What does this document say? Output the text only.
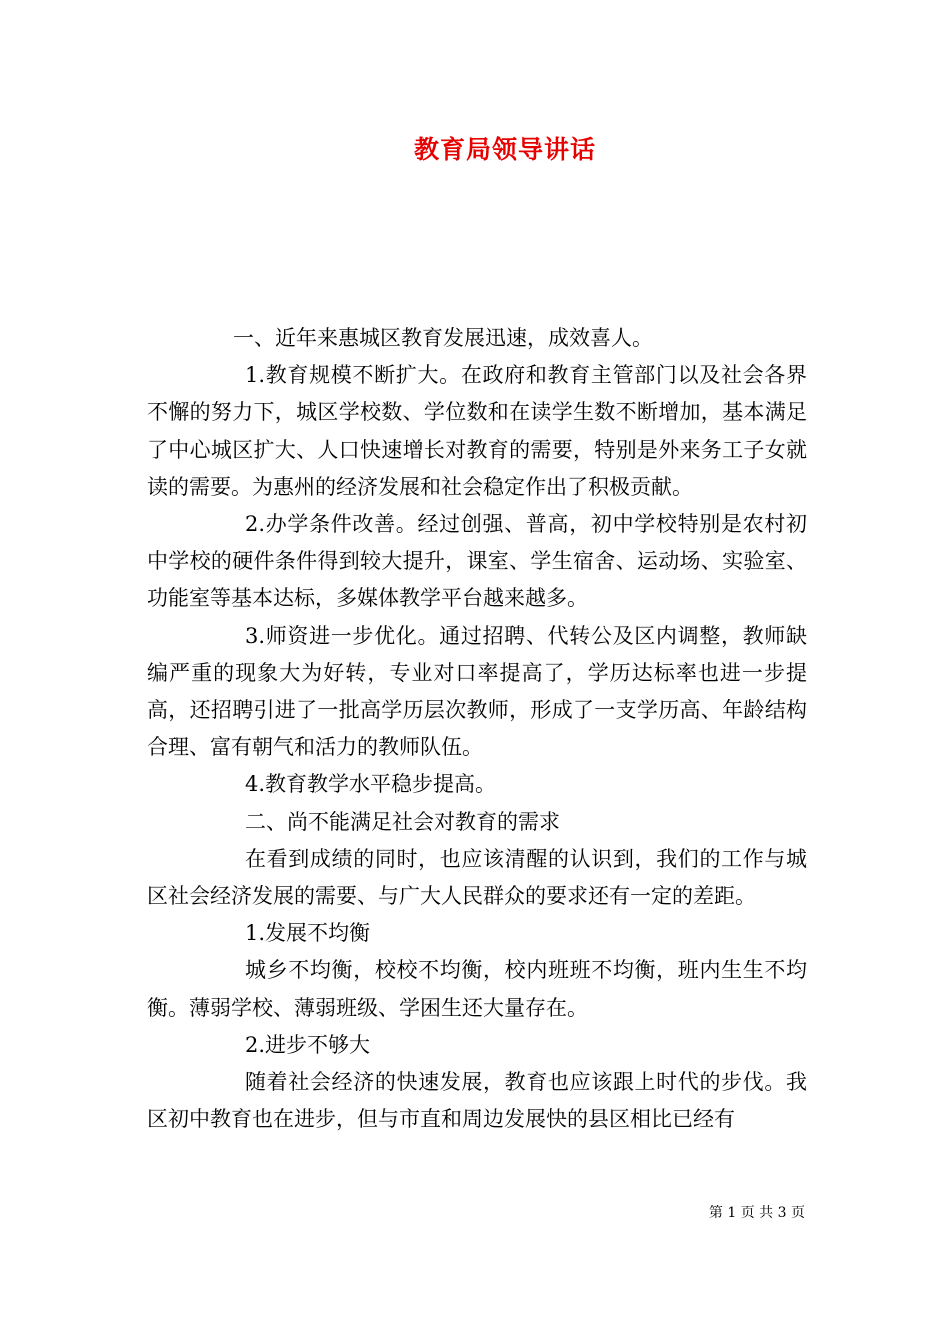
教育局领导讲话

一、近年来惠城区教育发展迅速，成效喜人。

1.教育规模不断扩大。在政府和教育主管部门以及社会各界不懈的努力下，城区学校数、学位数和在读学生数不断增加，基本满足了中心城区扩大、人口快速增长对教育的需要，特别是外来务工子女就读的需要。为惠州的经济发展和社会稳定作出了积极贡献。

2.办学条件改善。经过创强、普高，初中学校特别是农村初中学校的硬件条件得到较大提升，课室、学生宿舍、运动场、实验室、功能室等基本达标，多媒体教学平台越来越多。

3.师资进一步优化。通过招聘、代转公及区内调整，教师缺编严重的现象大为好转，专业对口率提高了，学历达标率也进一步提高，还招聘引进了一批高学历层次教师，形成了一支学历高、年龄结构合理、富有朝气和活力的教师队伍。

4.教育教学水平稳步提高。

二、尚不能满足社会对教育的需求

在看到成绩的同时，也应该清醒的认识到，我们的工作与城区社会经济发展的需要、与广大人民群众的要求还有一定的差距。

1.发展不均衡

城乡不均衡，校校不均衡，校内班班不均衡，班内生生不均衡。薄弱学校、薄弱班级、学困生还大量存在。

2.进步不够大

随着社会经济的快速发展，教育也应该跟上时代的步伐。我区初中教育也在进步，但与市直和周边发展快的县区相比已经有

第 1 页 共 3 页
